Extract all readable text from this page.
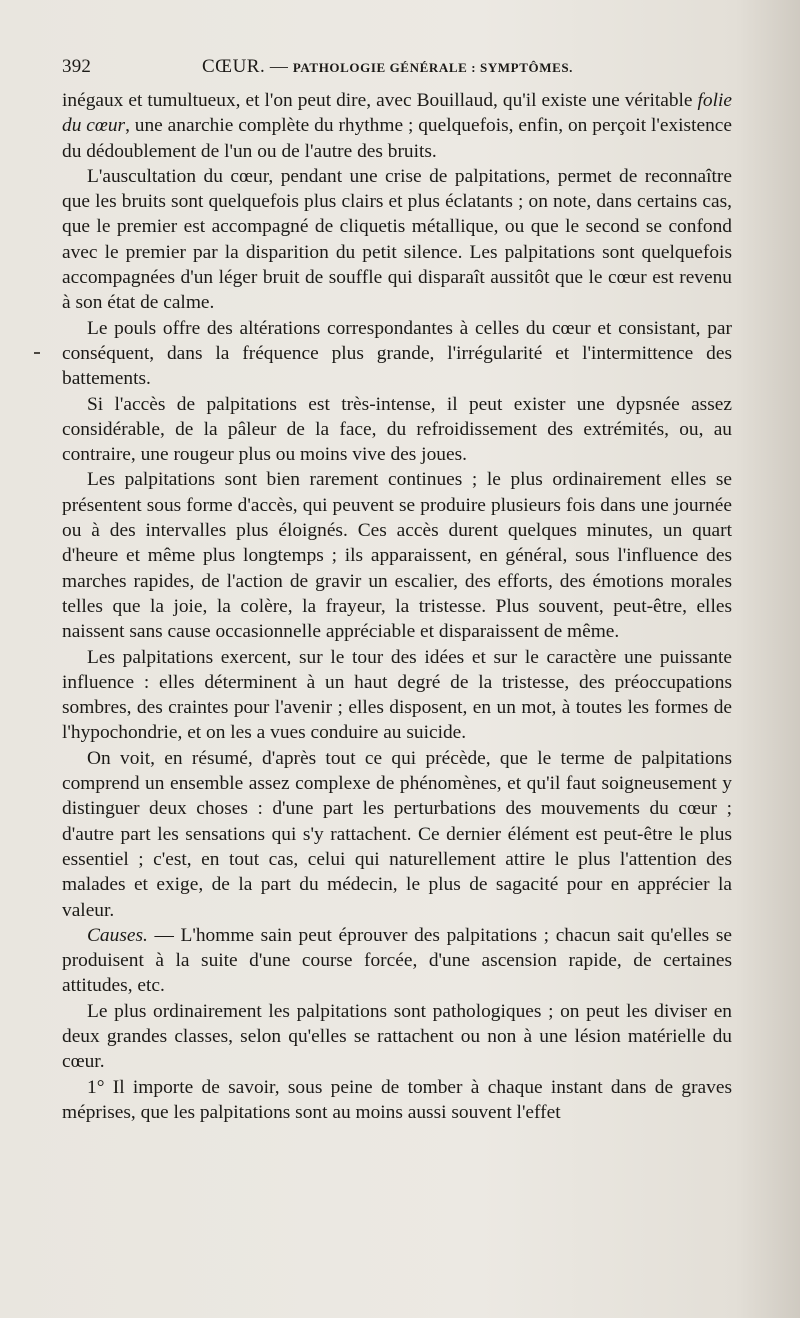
392	CŒUR. — PATHOLOGIE GÉNÉRALE : SYMPTÔMES.

inégaux et tumultueux, et l'on peut dire, avec Bouillaud, qu'il existe une véritable folie du cœur, une anarchie complète du rhythme ; quelquefois, enfin, on perçoit l'existence du dédoublement de l'un ou de l'autre des bruits.

L'auscultation du cœur, pendant une crise de palpitations, permet de reconnaître que les bruits sont quelquefois plus clairs et plus éclatants ; on note, dans certains cas, que le premier est accompagné de cliquetis métallique, ou que le second se confond avec le premier par la disparition du petit silence. Les palpitations sont quelquefois accompagnées d'un léger bruit de souffle qui disparaît aussitôt que le cœur est revenu à son état de calme.

Le pouls offre des altérations correspondantes à celles du cœur et consistant, par conséquent, dans la fréquence plus grande, l'irrégularité et l'intermittence des battements.

Si l'accès de palpitations est très-intense, il peut exister une dypsnée assez considérable, de la pâleur de la face, du refroidissement des extrémités, ou, au contraire, une rougeur plus ou moins vive des joues.

Les palpitations sont bien rarement continues ; le plus ordinairement elles se présentent sous forme d'accès, qui peuvent se produire plusieurs fois dans une journée ou à des intervalles plus éloignés. Ces accès durent quelques minutes, un quart d'heure et même plus longtemps ; ils apparaissent, en général, sous l'influence des marches rapides, de l'action de gravir un escalier, des efforts, des émotions morales telles que la joie, la colère, la frayeur, la tristesse. Plus souvent, peut-être, elles naissent sans cause occasionnelle appréciable et disparaissent de même.

Les palpitations exercent, sur le tour des idées et sur le caractère une puissante influence : elles déterminent à un haut degré de la tristesse, des préoccupations sombres, des craintes pour l'avenir ; elles disposent, en un mot, à toutes les formes de l'hypochondrie, et on les a vues conduire au suicide.

On voit, en résumé, d'après tout ce qui précède, que le terme de palpitations comprend un ensemble assez complexe de phénomènes, et qu'il faut soigneusement y distinguer deux choses : d'une part les perturbations des mouvements du cœur ; d'autre part les sensations qui s'y rattachent. Ce dernier élément est peut-être le plus essentiel ; c'est, en tout cas, celui qui naturellement attire le plus l'attention des malades et exige, de la part du médecin, le plus de sagacité pour en apprécier la valeur.

Causes. — L'homme sain peut éprouver des palpitations ; chacun sait qu'elles se produisent à la suite d'une course forcée, d'une ascension rapide, de certaines attitudes, etc.

Le plus ordinairement les palpitations sont pathologiques ; on peut les diviser en deux grandes classes, selon qu'elles se rattachent ou non à une lésion matérielle du cœur.

1° Il importe de savoir, sous peine de tomber à chaque instant dans de graves méprises, que les palpitations sont au moins aussi souvent l'effet
